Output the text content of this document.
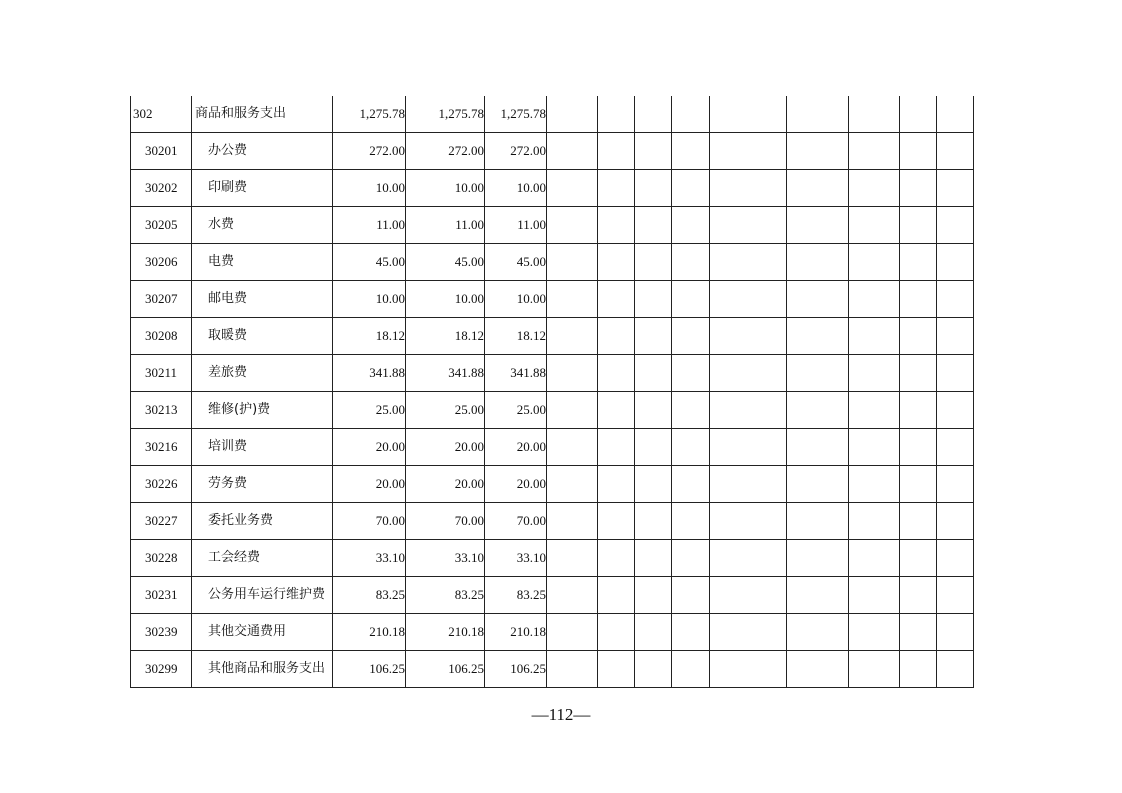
302	商品和服务支出	1,275.78	1,275.78	1,275.78									
30201	办公费	272.00	272.00	272.00									
30202	印刷费	10.00	10.00	10.00									
30205	水费	11.00	11.00	11.00									
30206	电费	45.00	45.00	45.00									
30207	邮电费	10.00	10.00	10.00									
30208	取暖费	18.12	18.12	18.12									
30211	差旅费	341.88	341.88	341.88									
30213	维修(护)费	25.00	25.00	25.00									
30216	培训费	20.00	20.00	20.00									
30226	劳务费	20.00	20.00	20.00									
30227	委托业务费	70.00	70.00	70.00									
30228	工会经费	33.10	33.10	33.10									
30231	公务用车运行维护费	83.25	83.25	83.25									
30239	其他交通费用	210.18	210.18	210.18									
30299	其他商品和服务支出	106.25	106.25	106.25									
—112—
